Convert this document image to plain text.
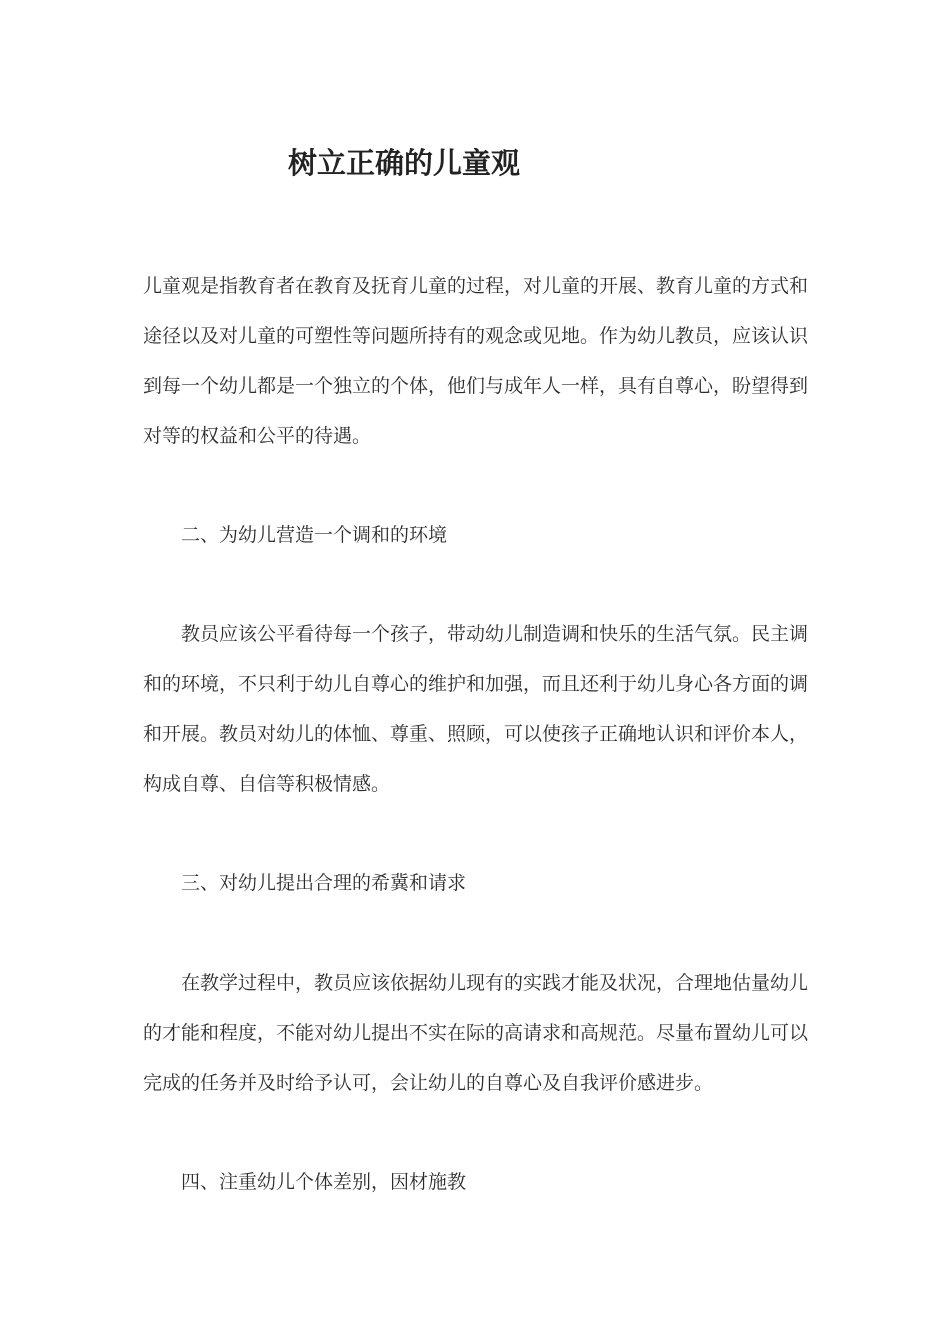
树立正确的儿童观

儿童观是指教育者在教育及抚育儿童的过程，对儿童的开展、教育儿童的方式和途径以及对儿童的可塑性等问题所持有的观念或见地。作为幼儿教员，应该认识到每一个幼儿都是一个独立的个体，他们与成年人一样，具有自尊心，盼望得到对等的权益和公平的待遇。

二、为幼儿营造一个调和的环境

教员应该公平看待每一个孩子，带动幼儿制造调和快乐的生活气氛。民主调和的环境，不只利于幼儿自尊心的维护和加强，而且还利于幼儿身心各方面的调和开展。教员对幼儿的体恤、尊重、照顾，可以使孩子正确地认识和评价本人，构成自尊、自信等积极情感。

三、对幼儿提出合理的希冀和请求

在教学过程中，教员应该依据幼儿现有的实践才能及状况，合理地估量幼儿的才能和程度，不能对幼儿提出不实在际的高请求和高规范。尽量布置幼儿可以完成的任务并及时给予认可，会让幼儿的自尊心及自我评价感进步。

四、注重幼儿个体差别，因材施教
